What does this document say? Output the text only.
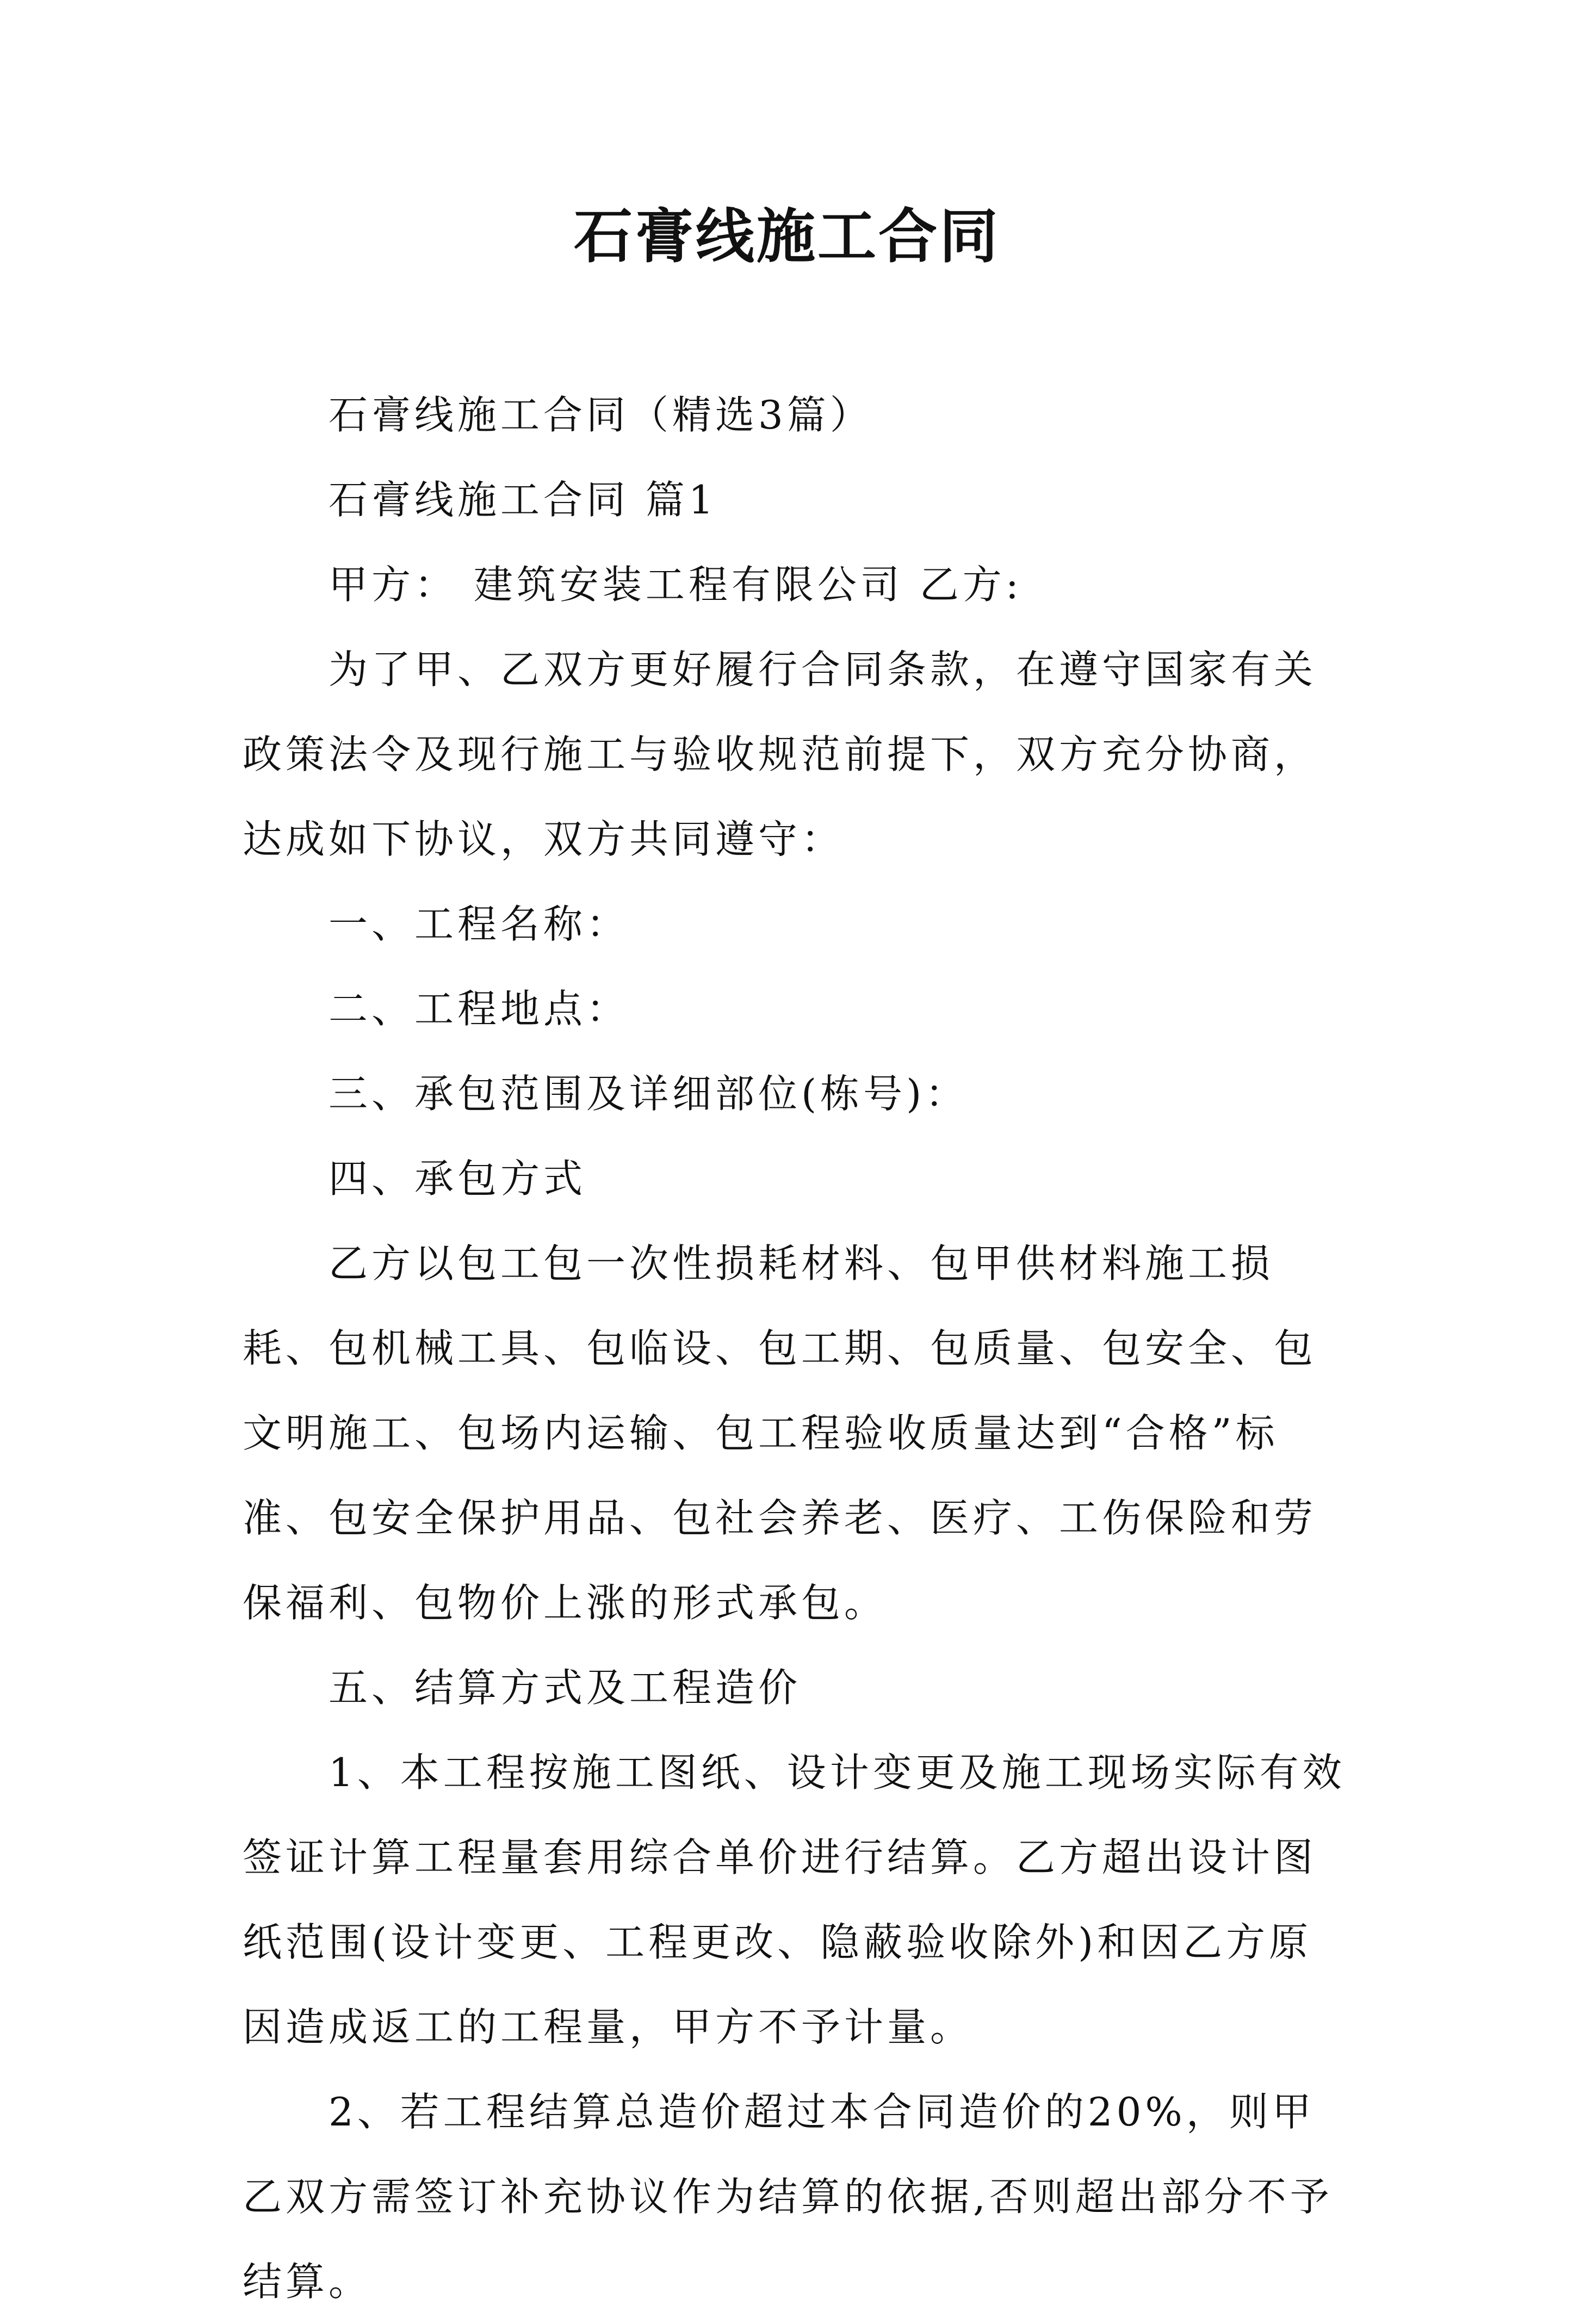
石膏线施工合同

石膏线施工合同（精选3篇）

石膏线施工合同 篇1

甲方： 建筑安装工程有限公司 乙方:

为了甲、乙双方更好履行合同条款，在遵守国家有关政策法令及现行施工与验收规范前提下，双方充分协商，达成如下协议，双方共同遵守：

一、工程名称：

二、工程地点：

三、承包范围及详细部位(栋号)：

四、承包方式

乙方以包工包一次性损耗材料、包甲供材料施工损耗、包机械工具、包临设、包工期、包质量、包安全、包文明施工、包场内运输、包工程验收质量达到“合格”标准、包安全保护用品、包社会养老、医疗、工伤保险和劳保福利、包物价上涨的形式承包。

五、结算方式及工程造价

1、本工程按施工图纸、设计变更及施工现场实际有效签证计算工程量套用综合单价进行结算。乙方超出设计图纸范围(设计变更、工程更改、隐蔽验收除外)和因乙方原因造成返工的工程量，甲方不予计量。

2、若工程结算总造价超过本合同造价的20%，则甲乙双方需签订补充协议作为结算的依据,否则超出部分不予结算。
